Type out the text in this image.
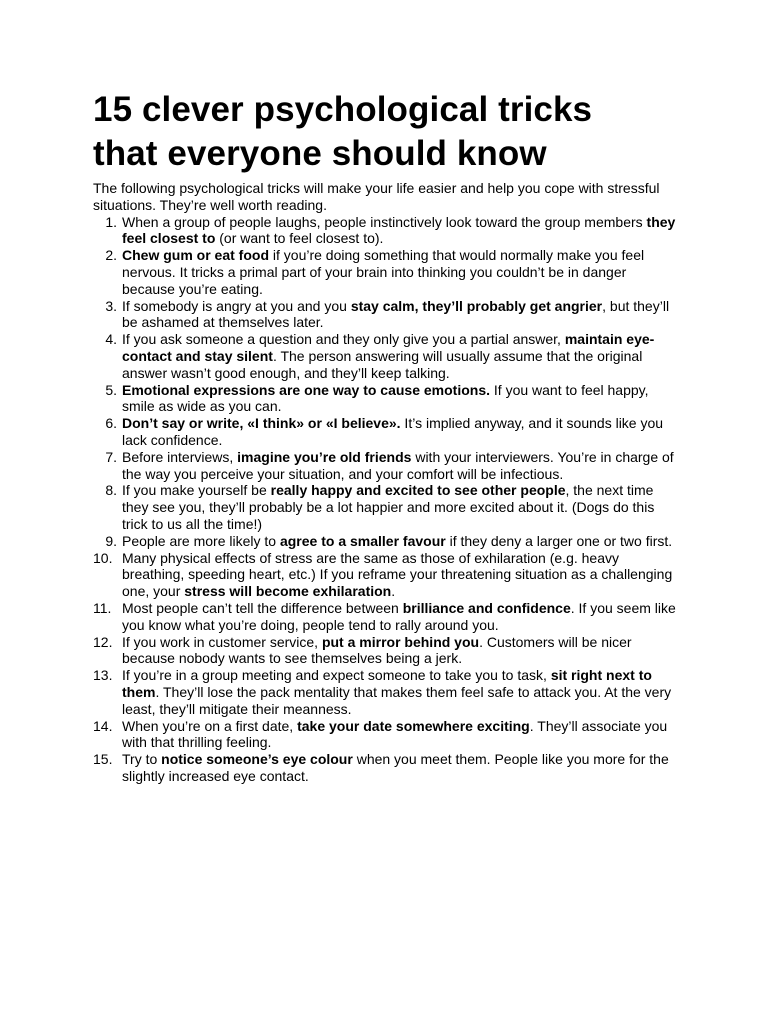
15 clever psychological tricks
that everyone should know

The following psychological tricks will make your life easier and help you cope with stressful situations. They’re well worth reading.

1. When a group of people laughs, people instinctively look toward the group members they feel closest to (or want to feel closest to).
2. Chew gum or eat food if you’re doing something that would normally make you feel nervous. It tricks a primal part of your brain into thinking you couldn’t be in danger because you’re eating.
3. If somebody is angry at you and you stay calm, they’ll probably get angrier, but they’ll be ashamed at themselves later.
4. If you ask someone a question and they only give you a partial answer, maintain eye-contact and stay silent. The person answering will usually assume that the original answer wasn’t good enough, and they’ll keep talking.
5. Emotional expressions are one way to cause emotions. If you want to feel happy, smile as wide as you can.
6. Don’t say or write, «I think» or «I believe». It’s implied anyway, and it sounds like you lack confidence.
7. Before interviews, imagine you’re old friends with your interviewers. You’re in charge of the way you perceive your situation, and your comfort will be infectious.
8. If you make yourself be really happy and excited to see other people, the next time they see you, they’ll probably be a lot happier and more excited about it. (Dogs do this trick to us all the time!)
9. People are more likely to agree to a smaller favour if they deny a larger one or two first.
10. Many physical effects of stress are the same as those of exhilaration (e.g. heavy breathing, speeding heart, etc.) If you reframe your threatening situation as a challenging one, your stress will become exhilaration.
11. Most people can’t tell the difference between brilliance and confidence. If you seem like you know what you’re doing, people tend to rally around you.
12. If you work in customer service, put a mirror behind you. Customers will be nicer because nobody wants to see themselves being a jerk.
13. If you’re in a group meeting and expect someone to take you to task, sit right next to them. They’ll lose the pack mentality that makes them feel safe to attack you. At the very least, they’ll mitigate their meanness.
14. When you’re on a first date, take your date somewhere exciting. They’ll associate you with that thrilling feeling.
15. Try to notice someone’s eye colour when you meet them. People like you more for the slightly increased eye contact.
